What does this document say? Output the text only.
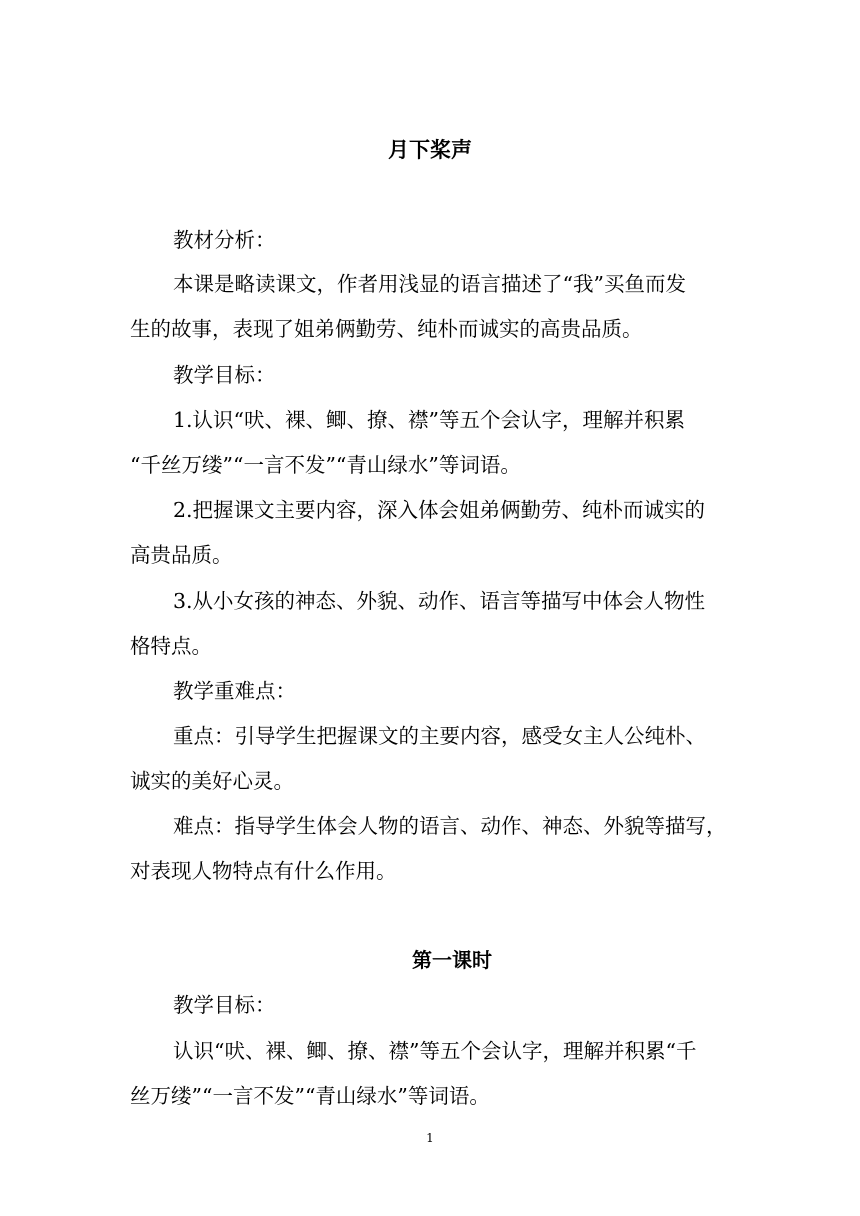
月下桨声
教材分析：
本课是略读课文，作者用浅显的语言描述了“我”买鱼而发
生的故事，表现了姐弟俩勤劳、纯朴而诚实的高贵品质。
教学目标：
1.认识“吠、裸、鲫、撩、襟”等五个会认字，理解并积累
“千丝万缕”“一言不发”“青山绿水”等词语。
2.把握课文主要内容，深入体会姐弟俩勤劳、纯朴而诚实的
高贵品质。
3.从小女孩的神态、外貌、动作、语言等描写中体会人物性
格特点。
教学重难点：
重点：引导学生把握课文的主要内容，感受女主人公纯朴、
诚实的美好心灵。
难点：指导学生体会人物的语言、动作、神态、外貌等描写，
对表现人物特点有什么作用。
第一课时
教学目标：
认识“吠、裸、鲫、撩、襟”等五个会认字，理解并积累“千
丝万缕”“一言不发”“青山绿水”等词语。
1
